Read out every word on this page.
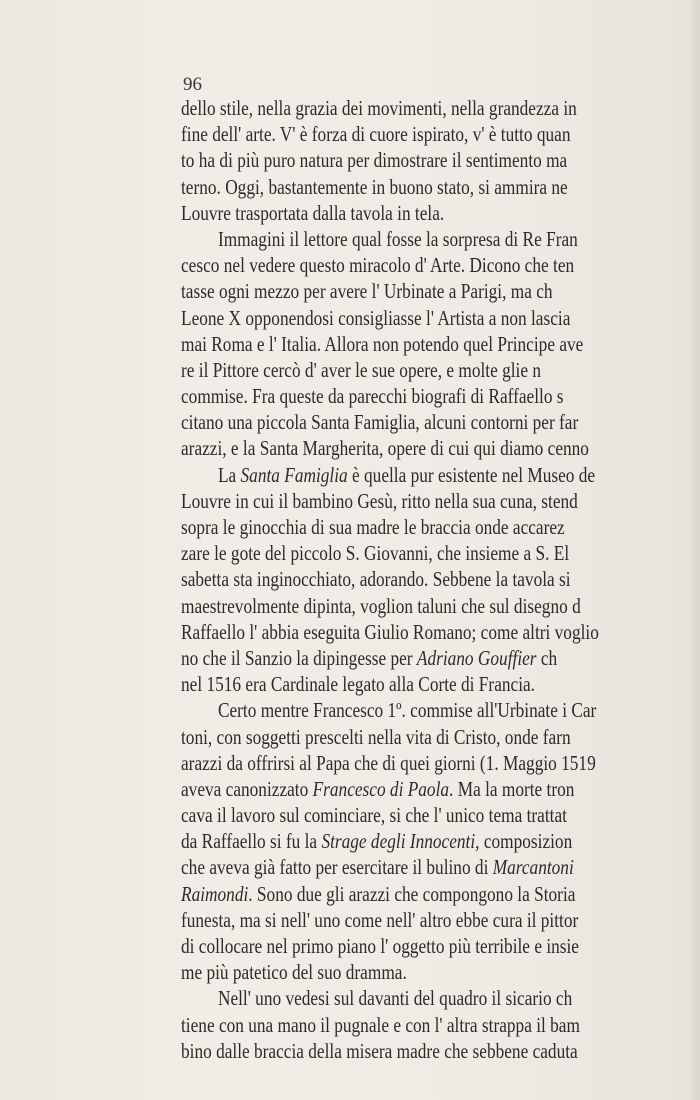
96
dello stile, nella grazia dei movimenti, nella grandezza in
fine dell' arte. V' è forza di cuore ispirato, v' è tutto quan
to ha di più puro natura per dimostrare il sentimento ma
terno. Oggi, bastantemente in buono stato, si ammira ne
Louvre trasportata dalla tavola in tela.
Immagini il lettore qual fosse la sorpresa di Re Fran
cesco nel vedere questo miracolo d' Arte. Dicono che ten
tasse ogni mezzo per avere l' Urbinate a Parigi, ma ch
Leone X opponendosi consigliasse l' Artista a non lascia
mai Roma e l' Italia. Allora non potendo quel Principe ave
re il Pittore cercò d' aver le sue opere, e molte glie n
commise. Fra queste da parecchi biografi di Raffaello s
citano una piccola Santa Famiglia, alcuni contorni per far
arazzi, e la Santa Margherita, opere di cui qui diamo cenno
La Santa Famiglia è quella pur esistente nel Museo de
Louvre in cui il bambino Gesù, ritto nella sua cuna, stend
sopra le ginocchia di sua madre le braccia onde accarez
zare le gote del piccolo S. Giovanni, che insieme a S. El
sabetta sta inginocchiato, adorando. Sebbene la tavola si
maestrevolmente dipinta, voglion taluni che sul disegno d
Raffaello l' abbia eseguita Giulio Romano; come altri voglio
no che il Sanzio la dipingesse per Adriano Gouffier ch
nel 1516 era Cardinale legato alla Corte di Francia.
Certo mentre Francesco 1º. commise all'Urbinate i Car
toni, con soggetti prescelti nella vita di Cristo, onde farn
arazzi da offrirsi al Papa che di quei giorni (1. Maggio 1519
aveva canonizzato Francesco di Paola. Ma la morte tron
cava il lavoro sul cominciare, si che l' unico tema trattat
da Raffaello si fu la Strage degli Innocenti, composizion
che aveva già fatto per esercitare il bulino di Marcantoni
Raimondi. Sono due gli arazzi che compongono la Storia
funesta, ma si nell' uno come nell' altro ebbe cura il pittor
di collocare nel primo piano l' oggetto più terribile e insie
me più patetico del suo dramma.
Nell' uno vedesi sul davanti del quadro il sicario ch
tiene con una mano il pugnale e con l' altra strappa il bam
bino dalle braccia della misera madre che sebbene caduta
